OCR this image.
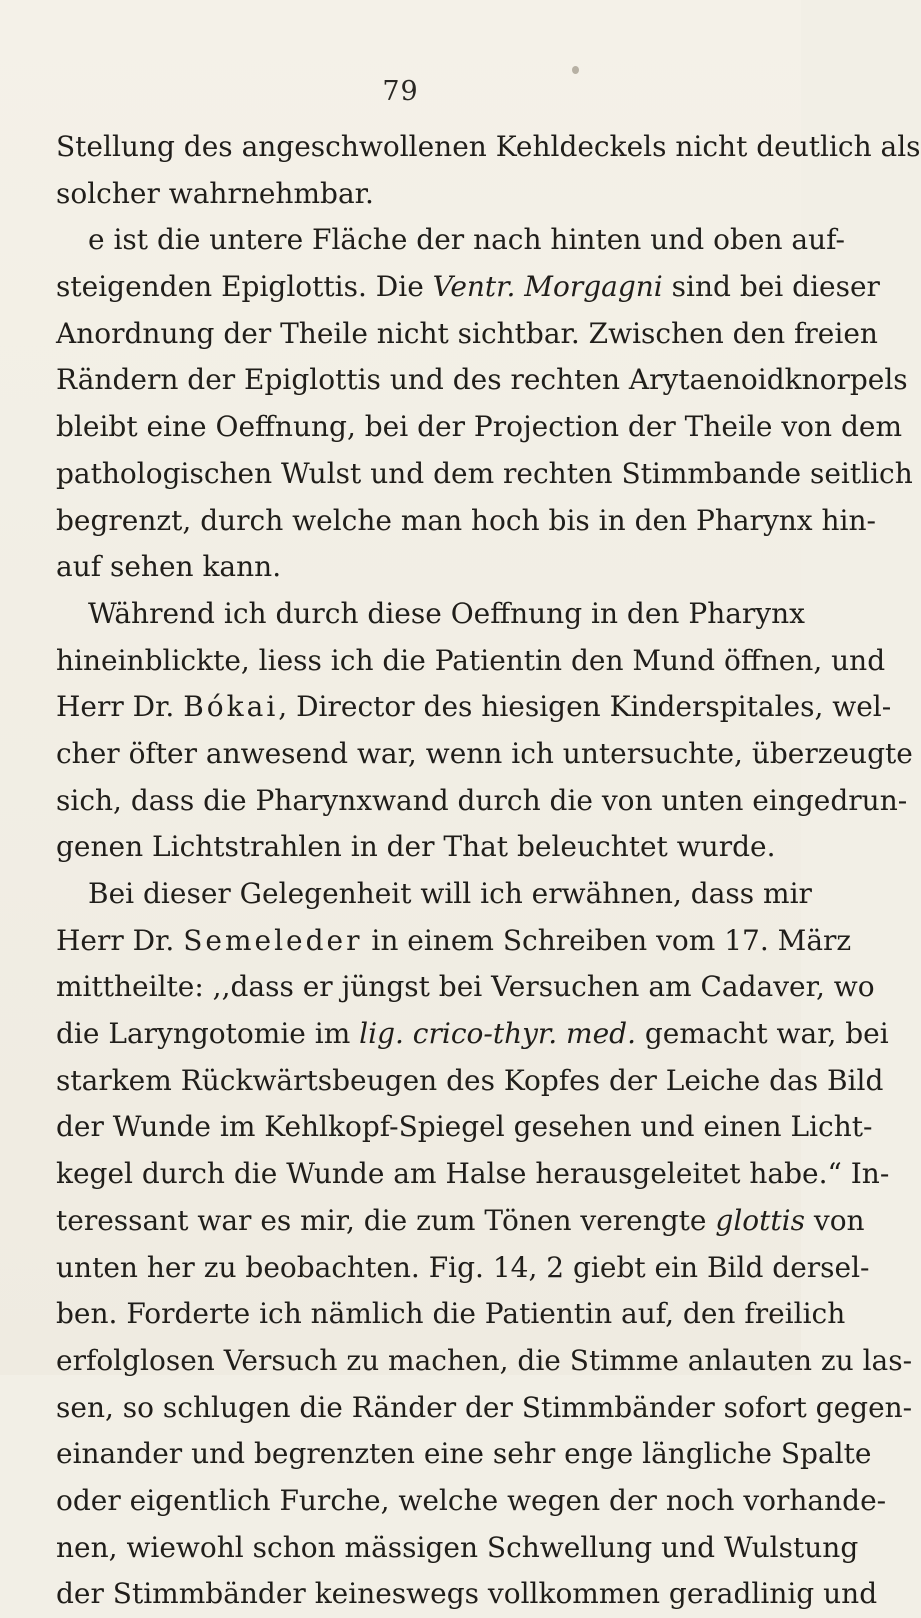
79
Stellung des angeschwollenen Kehldeckels nicht deutlich als
solcher wahrnehmbar.
e ist die untere Fläche der nach hinten und oben auf-
steigenden Epiglottis. Die Ventr. Morgagni sind bei dieser
Anordnung der Theile nicht sichtbar. Zwischen den freien
Rändern der Epiglottis und des rechten Arytaenoidknorpels
bleibt eine Oeffnung, bei der Projection der Theile von dem
pathologischen Wulst und dem rechten Stimmbande seitlich
begrenzt, durch welche man hoch bis in den Pharynx hin-
auf sehen kann.
Während ich durch diese Oeffnung in den Pharynx
hineinblickte, liess ich die Patientin den Mund öffnen, und
Herr Dr. Bókai, Director des hiesigen Kinderspitales, wel-
cher öfter anwesend war, wenn ich untersuchte, überzeugte
sich, dass die Pharynxwand durch die von unten eingedrun-
genen Lichtstrahlen in der That beleuchtet wurde.
Bei dieser Gelegenheit will ich erwähnen, dass mir
Herr Dr. Semeleder in einem Schreiben vom 17. März
mittheilte: ,,dass er jüngst bei Versuchen am Cadaver, wo
die Laryngotomie im lig. crico-thyr. med. gemacht war, bei
starkem Rückwärtsbeugen des Kopfes der Leiche das Bild
der Wunde im Kehlkopf-Spiegel gesehen und einen Licht-
kegel durch die Wunde am Halse herausgeleitet habe.“ In-
teressant war es mir, die zum Tönen verengte glottis von
unten her zu beobachten. Fig. 14, 2 giebt ein Bild dersel-
ben. Forderte ich nämlich die Patientin auf, den freilich
erfolglosen Versuch zu machen, die Stimme anlauten zu las-
sen, so schlugen die Ränder der Stimmbänder sofort gegen-
einander und begrenzten eine sehr enge längliche Spalte
oder eigentlich Furche, welche wegen der noch vorhande-
nen, wiewohl schon mässigen Schwellung und Wulstung
der Stimmbänder keineswegs vollkommen geradlinig und
